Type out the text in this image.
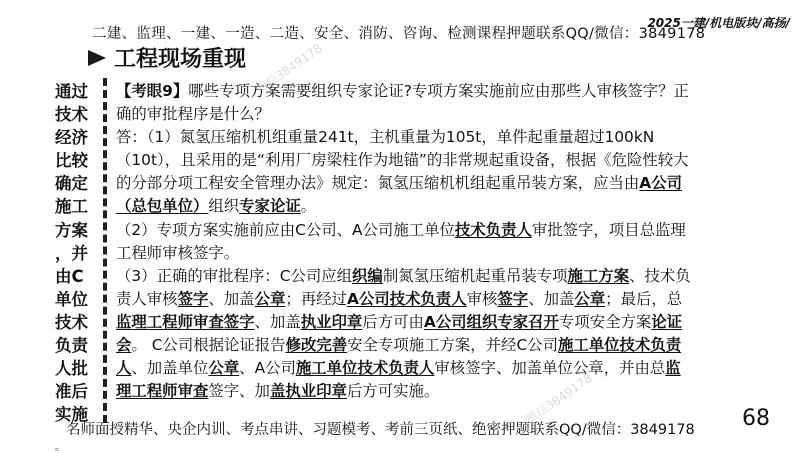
二建、监理、一建、一造、二造、安全、消防、咨询、检测课程押题联系QQ/微信：3849178
2025一建/机电版块/高扬/
工程现场重现
通过
技术
经济
比较
确定
施工
方案
，并
由C
单位
技术
负责
人批
准后
实施

【考眼9】哪些专项方案需要组织专家论证?专项方案实施前应由那些人审核签字？正确的审批程序是什么？

答：（1）氮氢压缩机机组重量241t，主机重量为105t，单件起重量超过100kN（10t），且采用的是“利用厂房梁柱作为地锚”的非常规起重设备，根据《危险性较大的分部分项工程安全管理办法》规定：氮氢压缩机机组起重吊装方案，应当由A公司（总包单位）组织专家论证。

（2）专项方案实施前应由C公司、A公司施工单位技术负责人审批签字，项目总监理工程师审核签字。

（3）正确的审批程序：C公司应组织编制氮氢压缩机起重吊装专项施工方案、技术负责人审核签字、加盖公章；再经过A公司技术负责人审核签字、加盖公章；最后，总监理工程师审查签字、加盖执业印章后方可由A公司组织专家召开专项安全方案论证会。 C公司根据论证报告修改完善安全专项施工方案，并经C公司施工单位技术负责人、加盖单位公章、A公司施工单位技术负责人审核签字、加盖单位公章，并由总监理工程师审查签字、加盖执业印章后方可实施。

微信3849178
微信3849178
名师面授精华、央企内训、考点串讲、习题模考、考前三页纸、绝密押题联系QQ/微信：3849178 68
。
